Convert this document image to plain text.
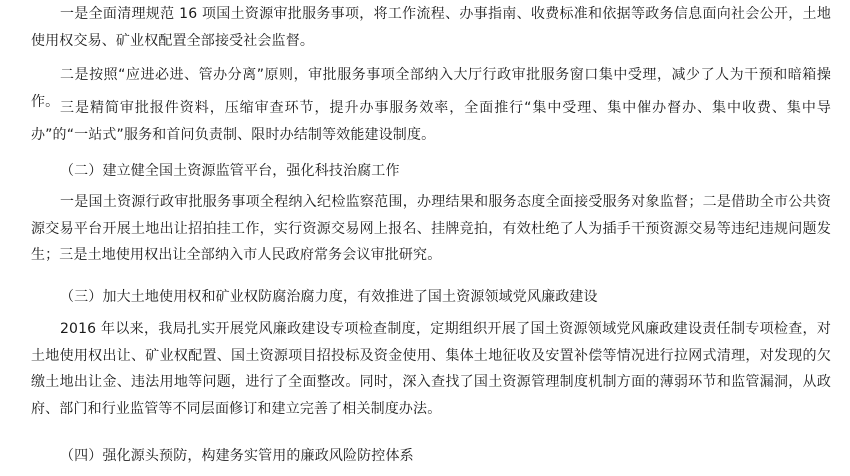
一是全面清理规范 16 项国土资源审批服务事项，将工作流程、办事指南、收费标准和依据等政务信息面向社会公开，土地使用权交易、矿业权配置全部接受社会监督。

二是按照“应进必进、管办分离”原则，审批服务事项全部纳入大厅行政审批服务窗口集中受理，减少了人为干预和暗箱操作。 三是精简审批报件资料，压缩审查环节，提升办事服务效率，全面推行“集中受理、集中催办督办、集中收费、集中导办”的“一站式”服务和首问负责制、限时办结制等效能建设制度。

（二）建立健全国土资源监管平台，强化科技治腐工作

一是国土资源行政审批服务事项全程纳入纪检监察范围，办理结果和服务态度全面接受服务对象监督；二是借助全市公共资源交易平台开展土地出让招拍挂工作，实行资源交易网上报名、挂牌竞拍，有效杜绝了人为插手干预资源交易等违纪违规问题发生；三是土地使用权出让全部纳入市人民政府常务会议审批研究。

（三）加大土地使用权和矿业权防腐治腐力度，有效推进了国土资源领域党风廉政建设

2016 年以来，我局扎实开展党风廉政建设专项检查制度，定期组织开展了国土资源领域党风廉政建设责任制专项检查，对土地使用权出让、矿业权配置、国土资源项目招投标及资金使用、集体土地征收及安置补偿等情况进行拉网式清理，对发现的欠缴土地出让金、违法用地等问题，进行了全面整改。同时，深入查找了国土资源管理制度机制方面的薄弱环节和监管漏洞，从政府、部门和行业监管等不同层面修订和建立完善了相关制度办法。

（四）强化源头预防，构建务实管用的廉政风险防控体系
